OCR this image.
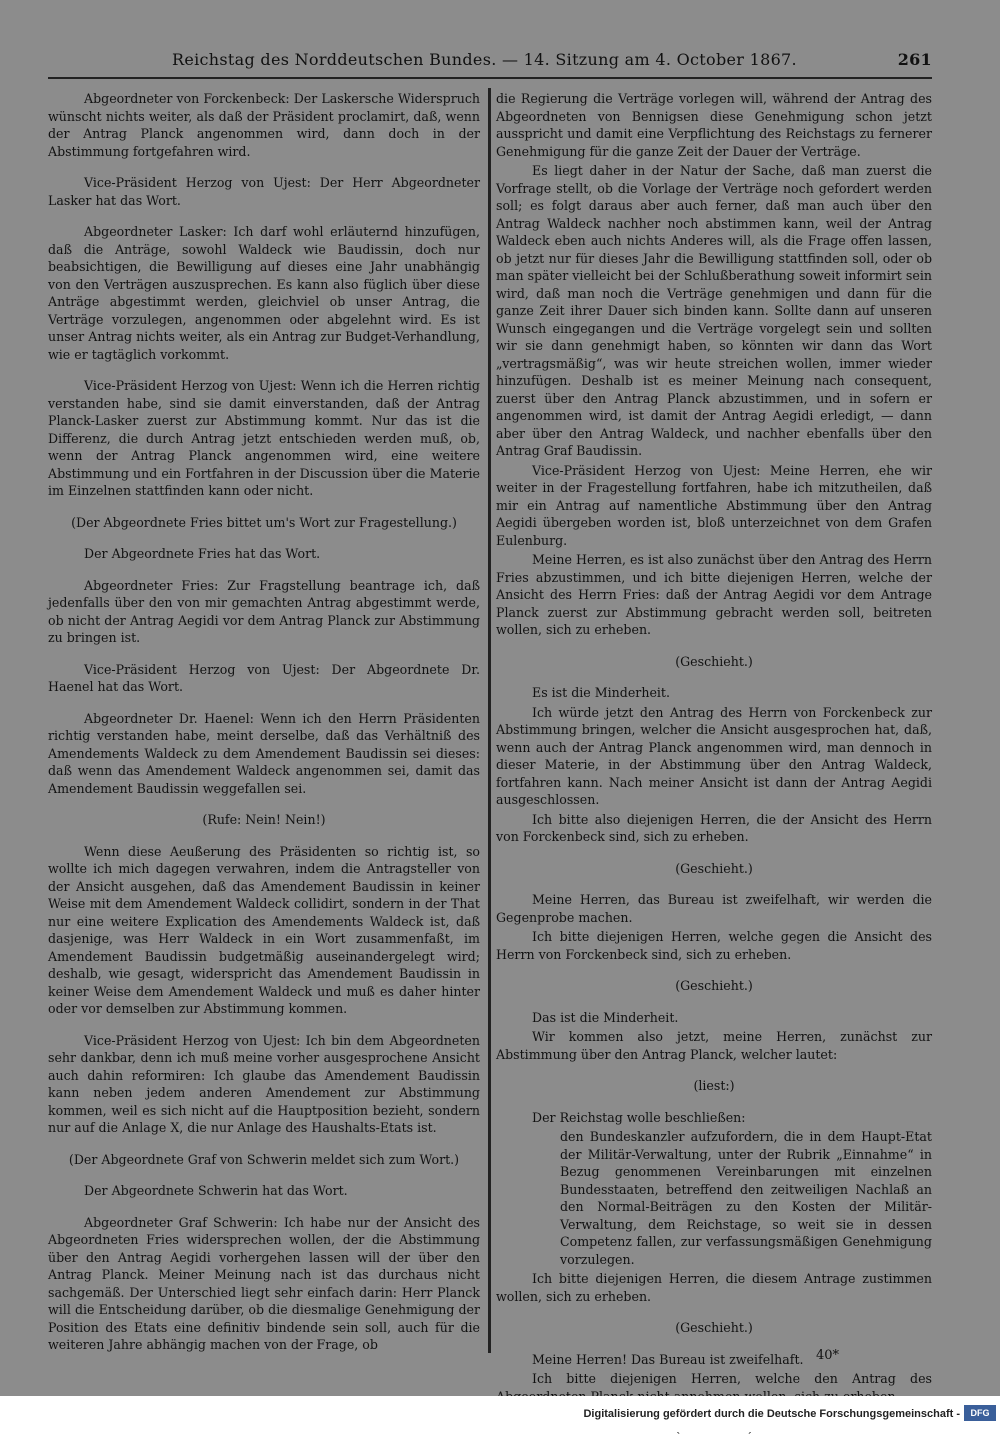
Reichstag des Norddeutschen Bundes. — 14. Sitzung am 4. October 1867.	261

Abgeordneter von Forckenbeck: Der Laskersche Widerspruch wünscht nichts weiter, als daß der Präsident proclamirt, daß, wenn der Antrag Planck angenommen wird, dann doch in der Abstimmung fortgefahren wird.

Vice-Präsident Herzog von Ujest: Der Herr Abgeordneter Lasker hat das Wort.

Abgeordneter Lasker: Ich darf wohl erläuternd hinzufügen, daß die Anträge, sowohl Waldeck wie Baudissin, doch nur beabsichtigen, die Bewilligung auf dieses eine Jahr unabhängig von den Verträgen auszusprechen. Es kann also füglich über diese Anträge abgestimmt werden, gleichviel ob unser Antrag, die Verträge vorzulegen, angenommen oder abgelehnt wird. Es ist unser Antrag nichts weiter, als ein Antrag zur Budget-Verhandlung, wie er tagtäglich vorkommt.

Vice-Präsident Herzog von Ujest: Wenn ich die Herren richtig verstanden habe, sind sie damit einverstanden, daß der Antrag Planck-Lasker zuerst zur Abstimmung kommt. Nur das ist die Differenz, die durch Antrag jetzt entschieden werden muß, ob, wenn der Antrag Planck angenommen wird, eine weitere Abstimmung und ein Fortfahren in der Discussion über die Materie im Einzelnen stattfinden kann oder nicht.

(Der Abgeordnete Fries bittet um's Wort zur Fragestellung.)

Der Abgeordnete Fries hat das Wort.

Abgeordneter Fries: Zur Fragstellung beantrage ich, daß jedenfalls über den von mir gemachten Antrag abgestimmt werde, ob nicht der Antrag Aegidi vor dem Antrag Planck zur Abstimmung zu bringen ist.

Vice-Präsident Herzog von Ujest: Der Abgeordnete Dr. Haenel hat das Wort.

Abgeordneter Dr. Haenel: Wenn ich den Herrn Präsidenten richtig verstanden habe, meint derselbe, daß das Verhältniß des Amendements Waldeck zu dem Amendement Baudissin sei dieses: daß wenn das Amendement Waldeck angenommen sei, damit das Amendement Baudissin weggefallen sei.

(Rufe: Nein! Nein!)

Wenn diese Aeußerung des Präsidenten so richtig ist, so wollte ich mich dagegen verwahren, indem die Antragsteller von der Ansicht ausgehen, daß das Amendement Baudissin in keiner Weise mit dem Amendement Waldeck collidirt, sondern in der That nur eine weitere Explication des Amendements Waldeck ist, daß dasjenige, was Herr Waldeck in ein Wort zusammenfaßt, im Amendement Baudissin budgetmäßig auseinandergelegt wird; deshalb, wie gesagt, widerspricht das Amendement Baudissin in keiner Weise dem Amendement Waldeck und muß es daher hinter oder vor demselben zur Abstimmung kommen.

Vice-Präsident Herzog von Ujest: Ich bin dem Abgeordneten sehr dankbar, denn ich muß meine vorher ausgesprochene Ansicht auch dahin reformiren: Ich glaube das Amendement Baudissin kann neben jedem anderen Amendement zur Abstimmung kommen, weil es sich nicht auf die Hauptposition bezieht, sondern nur auf die Anlage X, die nur Anlage des Haushalts-Etats ist.

(Der Abgeordnete Graf von Schwerin meldet sich zum Wort.)

Der Abgeordnete Schwerin hat das Wort.

Abgeordneter Graf Schwerin: Ich habe nur der Ansicht des Abgeordneten Fries widersprechen wollen, der die Abstimmung über den Antrag Aegidi vorhergehen lassen will der über den Antrag Planck. Meiner Meinung nach ist das durchaus nicht sachgemäß. Der Unterschied liegt sehr einfach darin: Herr Planck will die Entscheidung darüber, ob die diesmalige Genehmigung der Position des Etats eine definitiv bindende sein soll, auch für die weiteren Jahre abhängig machen von der Frage, ob

die Regierung die Verträge vorlegen will, während der Antrag des Abgeordneten von Bennigsen diese Genehmigung schon jetzt ausspricht und damit eine Verpflichtung des Reichstags zu fernerer Genehmigung für die ganze Zeit der Dauer der Verträge.

Es liegt daher in der Natur der Sache, daß man zuerst die Vorfrage stellt, ob die Vorlage der Verträge noch gefordert werden soll; es folgt daraus aber auch ferner, daß man auch über den Antrag Waldeck nachher noch abstimmen kann, weil der Antrag Waldeck eben auch nichts Anderes will, als die Frage offen lassen, ob jetzt nur für dieses Jahr die Bewilligung stattfinden soll, oder ob man später vielleicht bei der Schlußberathung soweit informirt sein wird, daß man noch die Verträge genehmigen und dann für die ganze Zeit ihrer Dauer sich binden kann. Sollte dann auf unseren Wunsch eingegangen und die Verträge vorgelegt sein und sollten wir sie dann genehmigt haben, so könnten wir dann das Wort „vertragsmäßig“, was wir heute streichen wollen, immer wieder hinzufügen. Deshalb ist es meiner Meinung nach consequent, zuerst über den Antrag Planck abzustimmen, und in sofern er angenommen wird, ist damit der Antrag Aegidi erledigt, — dann aber über den Antrag Waldeck, und nachher ebenfalls über den Antrag Graf Baudissin.

Vice-Präsident Herzog von Ujest: Meine Herren, ehe wir weiter in der Fragestellung fortfahren, habe ich mitzutheilen, daß mir ein Antrag auf namentliche Abstimmung über den Antrag Aegidi übergeben worden ist, bloß unterzeichnet von dem Grafen Eulenburg.

Meine Herren, es ist also zunächst über den Antrag des Herrn Fries abzustimmen, und ich bitte diejenigen Herren, welche der Ansicht des Herrn Fries: daß der Antrag Aegidi vor dem Antrage Planck zuerst zur Abstimmung gebracht werden soll, beitreten wollen, sich zu erheben.

(Geschieht.)

Es ist die Minderheit.

Ich würde jetzt den Antrag des Herrn von Forckenbeck zur Abstimmung bringen, welcher die Ansicht ausgesprochen hat, daß, wenn auch der Antrag Planck angenommen wird, man dennoch in dieser Materie, in der Abstimmung über den Antrag Waldeck, fortfahren kann. Nach meiner Ansicht ist dann der Antrag Aegidi ausgeschlossen.

Ich bitte also diejenigen Herren, die der Ansicht des Herrn von Forckenbeck sind, sich zu erheben.

(Geschieht.)

Meine Herren, das Bureau ist zweifelhaft, wir werden die Gegenprobe machen.

Ich bitte diejenigen Herren, welche gegen die Ansicht des Herrn von Forckenbeck sind, sich zu erheben.

(Geschieht.)

Das ist die Minderheit.

Wir kommen also jetzt, meine Herren, zunächst zur Abstimmung über den Antrag Planck, welcher lautet:

(liest:)

Der Reichstag wolle beschließen:

den Bundeskanzler aufzufordern, die in dem Haupt-Etat der Militär-Verwaltung, unter der Rubrik „Einnahme“ in Bezug genommenen Vereinbarungen mit einzelnen Bundesstaaten, betreffend den zeitweiligen Nachlaß an den Normal-Beiträgen zu den Kosten der Militär-Verwaltung, dem Reichstage, so weit sie in dessen Competenz fallen, zur verfassungsmäßigen Genehmigung vorzulegen.

Ich bitte diejenigen Herren, die diesem Antrage zustimmen wollen, sich zu erheben.

(Geschieht.)

Meine Herren! Das Bureau ist zweifelhaft.

Ich bitte diejenigen Herren, welche den Antrag des

40*
Digitalisierung gefördert durch die Deutsche Forschungsgemeinschaft -	DFG
